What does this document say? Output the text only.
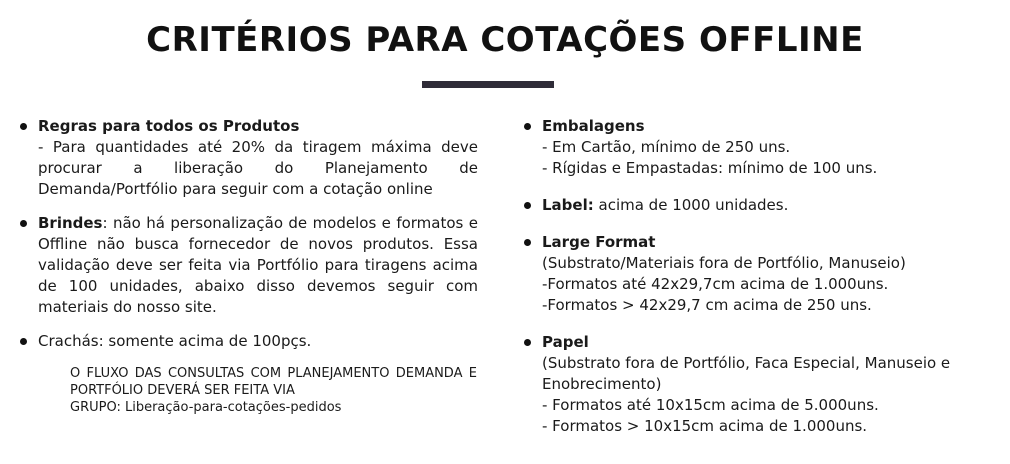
CRITÉRIOS PARA COTAÇÕES OFFLINE
Regras para todos os Produtos
- Para quantidades até 20% da tiragem máxima deve procurar a liberação do Planejamento de Demanda/Portfólio para seguir com a cotação online
Brindes: não há personalização de modelos e formatos e Offline não busca fornecedor de novos produtos. Essa validação deve ser feita via Portfólio para tiragens acima de 100 unidades, abaixo disso devemos seguir com materiais do nosso site.
Crachás: somente acima de 100pçs.
O FLUXO DAS CONSULTAS COM PLANEJAMENTO DEMANDA E PORTFÓLIO DEVERÁ SER FEITA VIA
GRUPO: Liberação-para-cotações-pedidos
Embalagens
- Em Cartão, mínimo de 250 uns.
- Rígidas e Empastadas: mínimo de 100 uns.
Label: acima de 1000 unidades.
Large Format
(Substrato/Materiais fora de Portfólio, Manuseio)
-Formatos até 42x29,7cm acima de 1.000uns.
-Formatos > 42x29,7 cm acima de 250 uns.
Papel
(Substrato fora de Portfólio, Faca Especial, Manuseio e Enobrecimento)
- Formatos até 10x15cm acima de 5.000uns.
- Formatos > 10x15cm acima de 1.000uns.
